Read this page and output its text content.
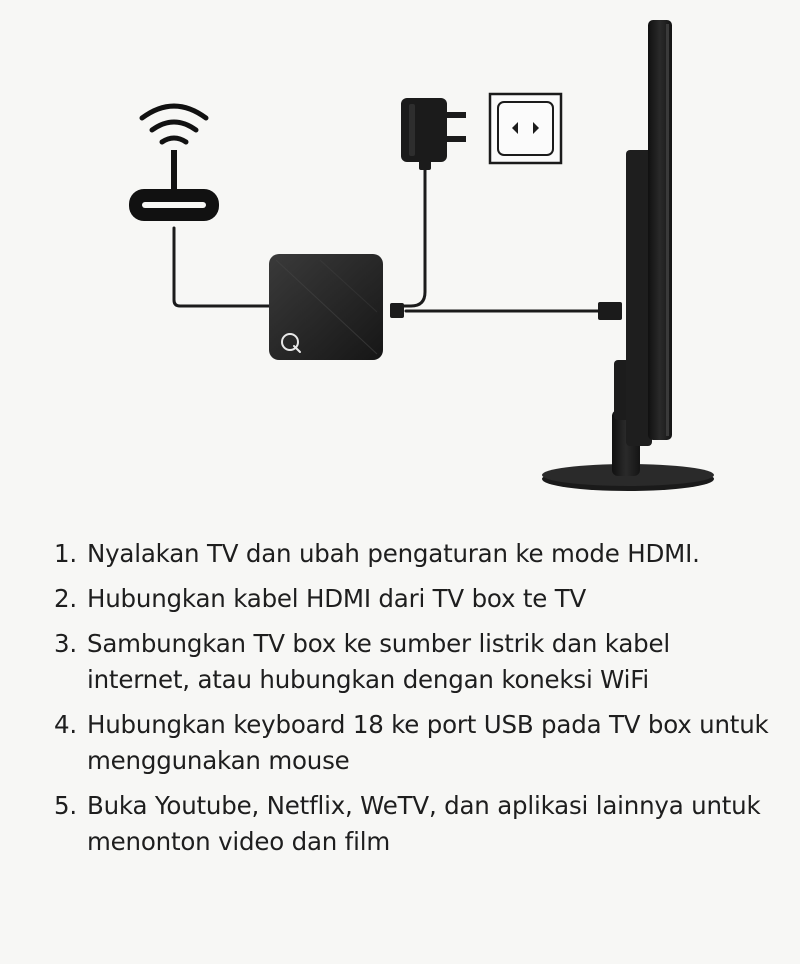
1. Nyalakan TV dan ubah pengaturan ke mode HDMI.
2. Hubungkan kabel HDMI dari TV box te TV
3. Sambungkan TV box ke sumber listrik dan kabel internet, atau hubungkan dengan koneksi WiFi
4. Hubungkan keyboard 18 ke port USB pada TV box untuk menggunakan mouse
5. Buka Youtube, Netflix, WeTV, dan aplikasi lainnya untuk menonton video dan film
